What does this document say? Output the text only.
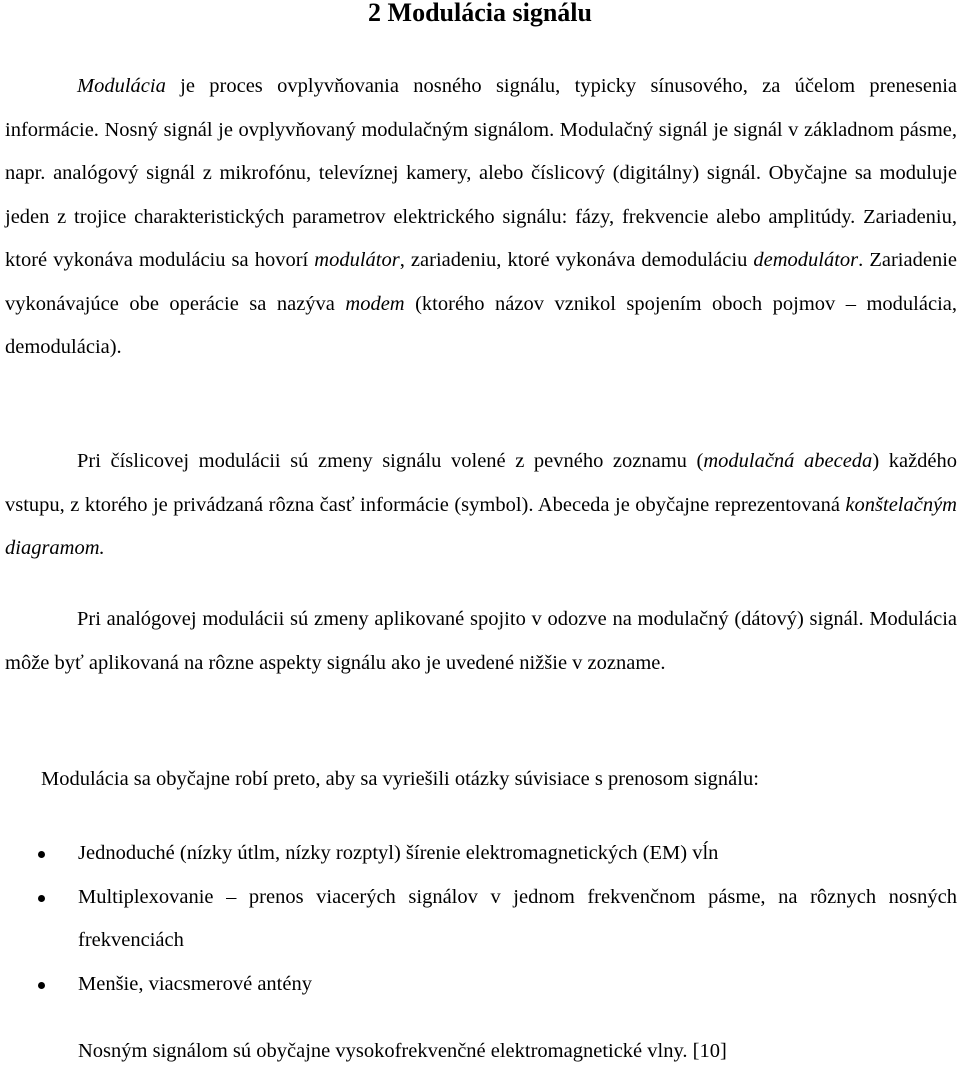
2 Modulácia signálu

Modulácia je proces ovplyvňovania nosného signálu, typicky sínusového, za účelom prenesenia informácie. Nosný signál je ovplyvňovaný modulačným signálom. Modulačný signál je signál v základnom pásme, napr. analógový signál z mikrofónu, televíznej kamery, alebo číslicový (digitálny) signál. Obyčajne sa moduluje jeden z trojice charakteristických parametrov elektrického signálu: fázy, frekvencie alebo amplitúdy. Zariadeniu, ktoré vykonáva moduláciu sa hovorí modulátor, zariadeniu, ktoré vykonáva demoduláciu demodulátor. Zariadenie vykonávajúce obe operácie sa nazýva modem (ktorého názov vznikol spojením oboch pojmov – modulácia, demodulácia).

Pri číslicovej modulácii sú zmeny signálu volené z pevného zoznamu (modulačná abeceda) každého vstupu, z ktorého je privádzaná rôzna časť informácie (symbol). Abeceda je obyčajne reprezentovaná konštelačným diagramom.

Pri analógovej modulácii sú zmeny aplikované spojito v odozve na modulačný (dátový) signál. Modulácia môže byť aplikovaná na rôzne aspekty signálu ako je uvedené nižšie v zozname.

Modulácia sa obyčajne robí preto, aby sa vyriešili otázky súvisiace s prenosom signálu:

Jednoduché (nízky útlm, nízky rozptyl) šírenie elektromagnetických (EM) vĺn
Multiplexovanie – prenos viacerých signálov v jednom frekvenčnom pásme, na rôznych nosných frekvenciách
Menšie, viacsmerové antény

Nosným signálom sú obyčajne vysokofrekvenčné elektromagnetické vlny. [10]
